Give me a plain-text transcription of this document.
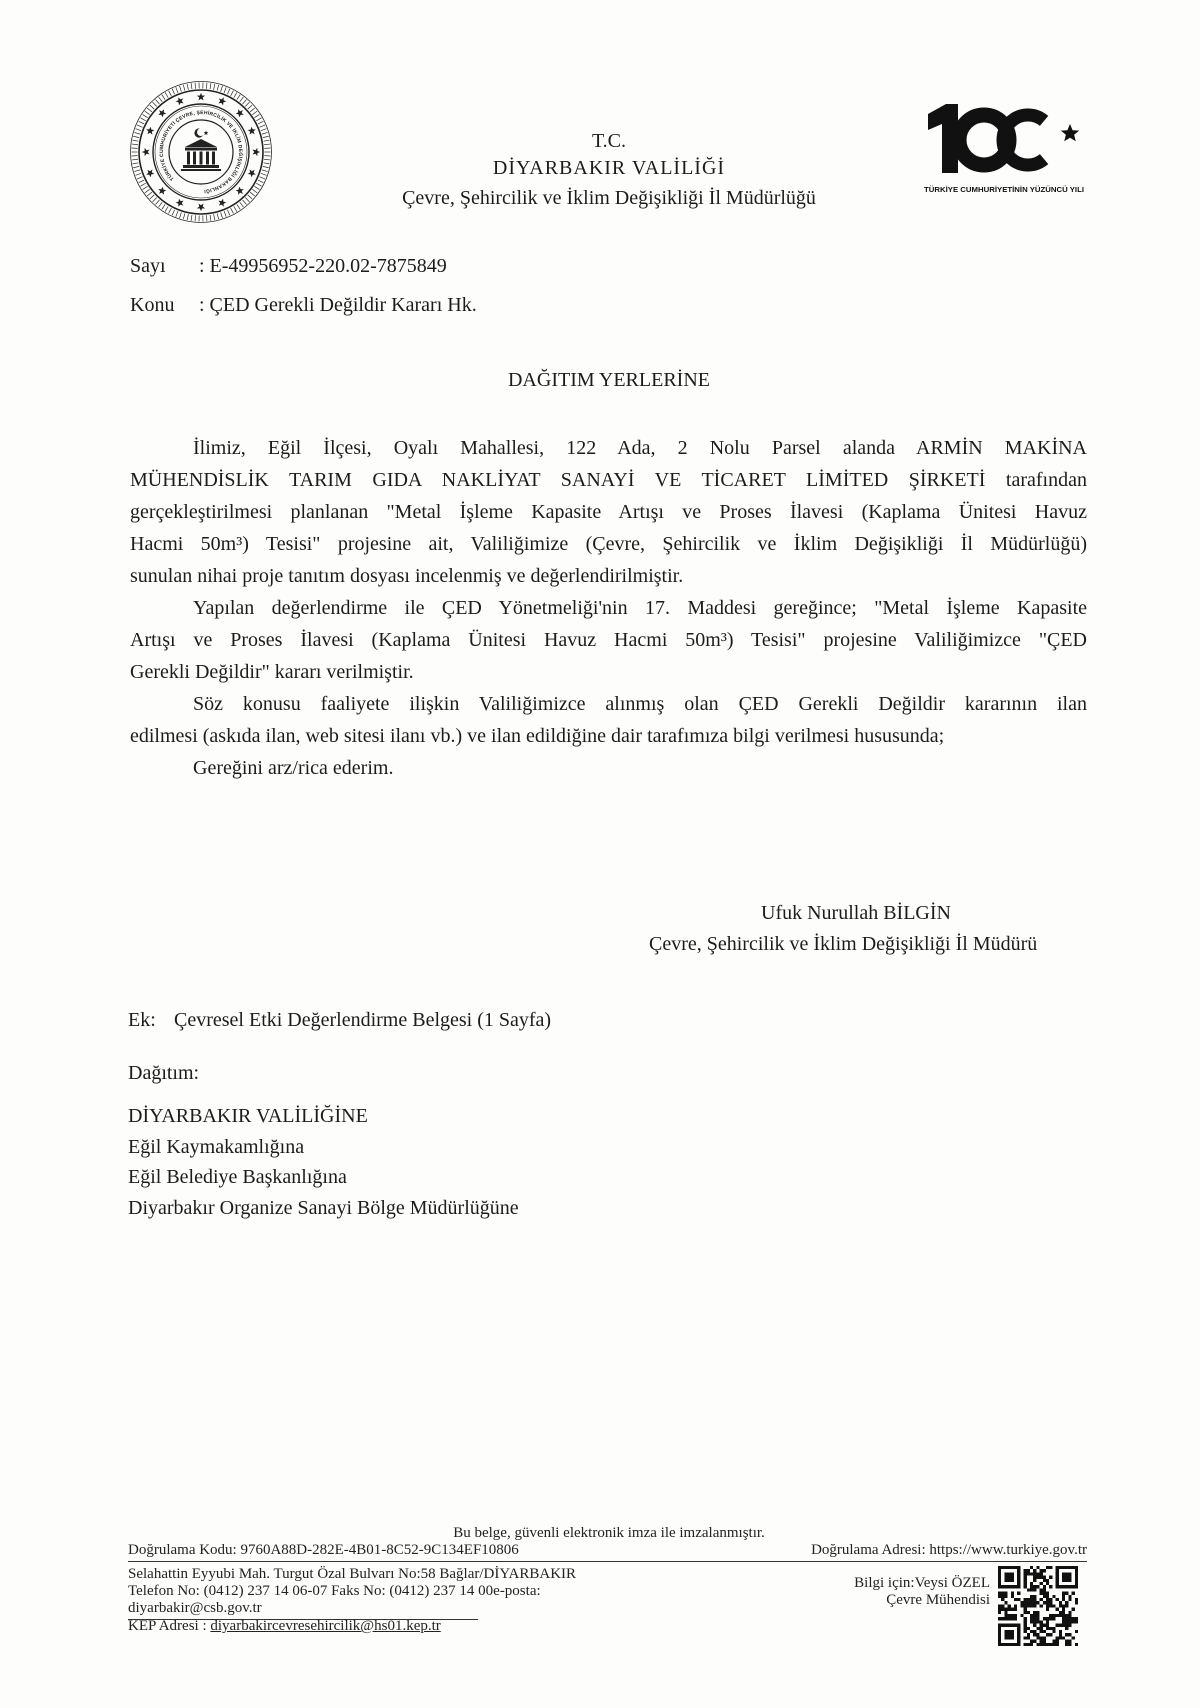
TÜRKİYE CUMHURİYETİ ÇEVRE, ŞEHİRCİLİK VE İKLİM DEĞİŞİKLİĞİ BAKANLIĞI
T.C.
DİYARBAKIR VALİLİĞİ
Çevre, Şehircilik ve İklim Değişikliği İl Müdürlüğü	TÜRKİYE CUMHURİYETİNİN YÜZÜNCÜ YILI
Sayı : E-49956952-220.02-7875849
Konu : ÇED Gerekli Değildir Kararı Hk.
DAĞITIM YERLERİNE
İlimiz, Eğil İlçesi, Oyalı Mahallesi, 122 Ada, 2 Nolu Parsel alanda ARMİN MAKİNA
MÜHENDİSLİK TARIM GIDA NAKLİYAT SANAYİ VE TİCARET LİMİTED ŞİRKETİ tarafından
gerçekleştirilmesi planlanan "Metal İşleme Kapasite Artışı ve Proses İlavesi (Kaplama Ünitesi Havuz
Hacmi 50m³) Tesisi" projesine ait, Valiliğimize (Çevre, Şehircilik ve İklim Değişikliği İl Müdürlüğü)
sunulan nihai proje tanıtım dosyası incelenmiş ve değerlendirilmiştir.
Yapılan değerlendirme ile ÇED Yönetmeliği'nin 17. Maddesi gereğince; "Metal İşleme Kapasite
Artışı ve Proses İlavesi (Kaplama Ünitesi Havuz Hacmi 50m³) Tesisi" projesine Valiliğimizce "ÇED
Gerekli Değildir" kararı verilmiştir.
Söz konusu faaliyete ilişkin Valiliğimizce alınmış olan ÇED Gerekli Değildir kararının ilan
edilmesi (askıda ilan, web sitesi ilanı vb.) ve ilan edildiğine dair tarafımıza bilgi verilmesi hususunda;
Gereğini arz/rica ederim.
Ufuk Nurullah BİLGİN
Çevre, Şehircilik ve İklim Değişikliği İl Müdürü
Ek: Çevresel Etki Değerlendirme Belgesi (1 Sayfa)
Dağıtım:
DİYARBAKIR VALİLİĞİNE
Eğil Kaymakamlığına
Eğil Belediye Başkanlığına
Diyarbakır Organize Sanayi Bölge Müdürlüğüne
Bu belge, güvenli elektronik imza ile imzalanmıştır.
Doğrulama Kodu: 9760A88D-282E-4B01-8C52-9C134EF10806	Doğrulama Adresi: https://www.turkiye.gov.tr
Selahattin Eyyubi Mah. Turgut Özal Bulvarı No:58 Bağlar/DİYARBAKIR
Telefon No: (0412) 237 14 06-07 Faks No: (0412) 237 14 00e-posta:
diyarbakir@csb.gov.tr
KEP Adresi : diyarbakircevresehircilik@hs01.kep.tr
Bilgi için:Veysi ÖZEL
Çevre Mühendisi
